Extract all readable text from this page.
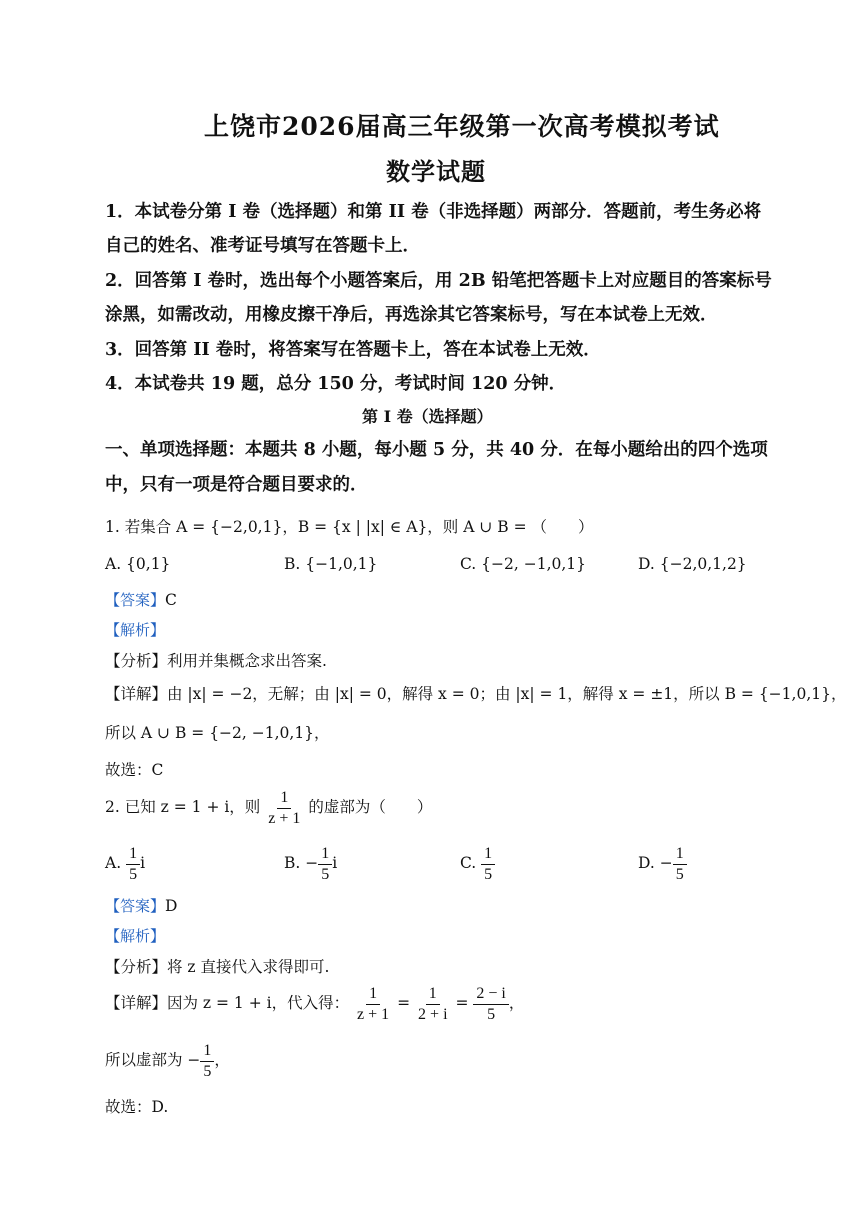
上饶市2026届高三年级第一次高考模拟考试
数学试题
1．本试卷分第 I 卷（选择题）和第 II 卷（非选择题）两部分．答题前，考生务必将
自己的姓名、准考证号填写在答题卡上．
2．回答第 I 卷时，选出每个小题答案后，用 2B 铅笔把答题卡上对应题目的答案标号
涂黑，如需改动，用橡皮擦干净后，再选涂其它答案标号，写在本试卷上无效．
3．回答第 II 卷时，将答案写在答题卡上，答在本试卷上无效．
4．本试卷共 19 题，总分 150 分，考试时间 120 分钟．
第 I 卷（选择题）
一、单项选择题：本题共 8 小题，每小题 5 分，共 40 分．在每小题给出的四个选项
中，只有一项是符合题目要求的．
1. 若集合 A = {−2,0,1}，B = {x | |x| ∈ A}，则 A ∪ B = （　　）
A. {0,1}	B. {−1,0,1}	C. {−2, −1,0,1}	D. {−2,0,1,2}
【答案】C
【解析】
【分析】利用并集概念求出答案.
【详解】由 |x| = −2，无解；由 |x| = 0，解得 x = 0；由 |x| = 1，解得 x = ±1，所以 B = {−1,0,1}，
所以 A ∪ B = {−2, −1,0,1}，
故选：C
2. 已知 z = 1 + i，则 $\frac{1}{z + 1}$ 的虚部为（　　）
A. $\frac{1}{5}$ i	B. − $\frac{1}{5}$ i	C. $\frac{1}{5}$	D. − $\frac{1}{5}$
【答案】D
【解析】
【分析】将 z 直接代入求得即可.
【详解】因为 z = 1 + i，代入得： $\frac{1}{z + 1} = \frac{1}{2 + i} = \frac{2 - i}{5}$ ，
所以虚部为 − $\frac{1}{5}$ ，
故选：D.
